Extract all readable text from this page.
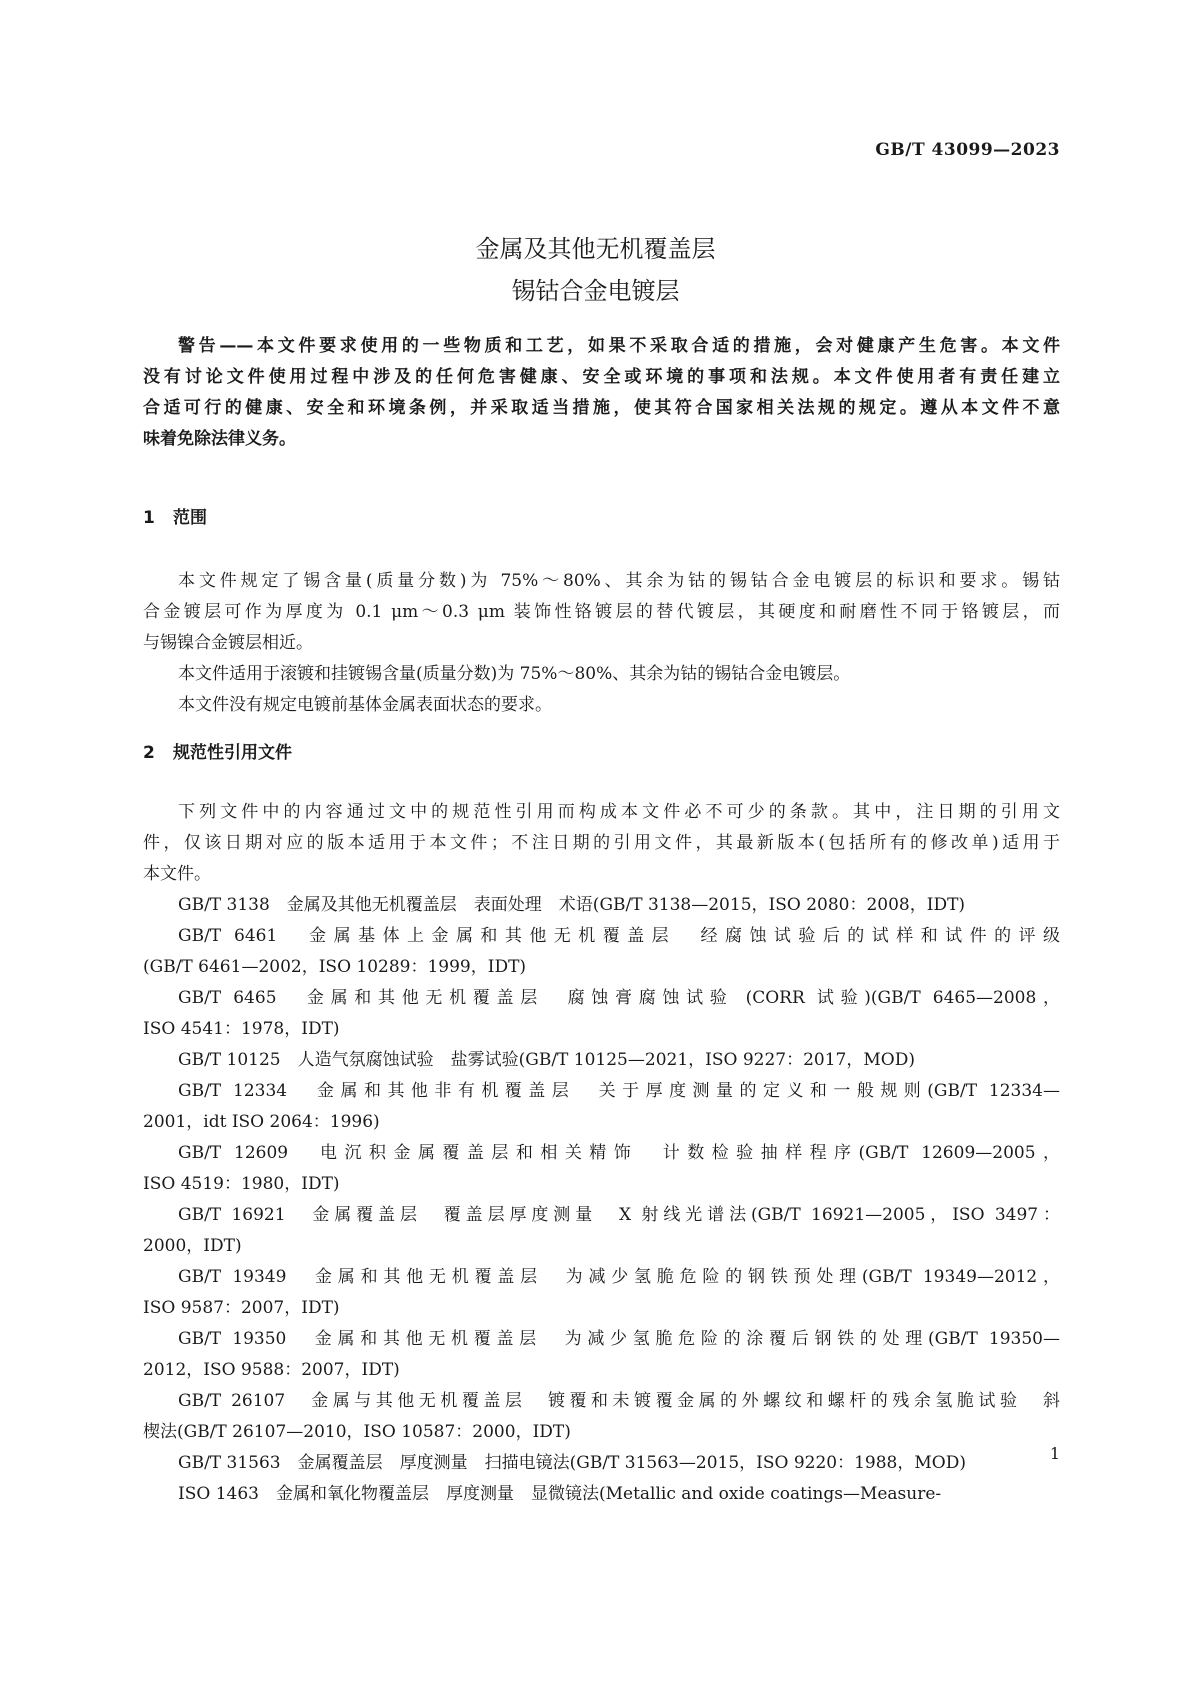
GB/T 43099—2023
金属及其他无机覆盖层
锡钴合金电镀层
警告——本文件要求使用的一些物质和工艺，如果不采取合适的措施，会对健康产生危害。本文件
没有讨论文件使用过程中涉及的任何危害健康、安全或环境的事项和法规。本文件使用者有责任建立
合适可行的健康、安全和环境条例，并采取适当措施，使其符合国家相关法规的规定。遵从本文件不意
味着免除法律义务。
1 范围
本文件规定了锡含量(质量分数)为 75%～80%、其余为钴的锡钴合金电镀层的标识和要求。锡钴
合金镀层可作为厚度为 0.1 μm～0.3 μm 装饰性铬镀层的替代镀层，其硬度和耐磨性不同于铬镀层，而
与锡镍合金镀层相近。
本文件适用于滚镀和挂镀锡含量(质量分数)为 75%～80%、其余为钴的锡钴合金电镀层。
本文件没有规定电镀前基体金属表面状态的要求。
2 规范性引用文件
下列文件中的内容通过文中的规范性引用而构成本文件必不可少的条款。其中，注日期的引用文
件，仅该日期对应的版本适用于本文件；不注日期的引用文件，其最新版本(包括所有的修改单)适用于
本文件。
GB/T 3138　金属及其他无机覆盖层　表面处理　术语(GB/T 3138—2015，ISO 2080：2008，IDT)
GB/T 6461　金属基体上金属和其他无机覆盖层　经腐蚀试验后的试样和试件的评级
(GB/T 6461—2002，ISO 10289：1999，IDT)
GB/T 6465　金属和其他无机覆盖层　腐蚀膏腐蚀试验 (CORR 试验)(GB/T 6465—2008，
ISO 4541：1978，IDT)
GB/T 10125　人造气氛腐蚀试验　盐雾试验(GB/T 10125—2021，ISO 9227：2017，MOD)
GB/T 12334　金属和其他非有机覆盖层　关于厚度测量的定义和一般规则(GB/T 12334—
2001，idt ISO 2064：1996)
GB/T 12609　电沉积金属覆盖层和相关精饰　计数检验抽样程序(GB/T 12609—2005，
ISO 4519：1980，IDT)
GB/T 16921　金属覆盖层　覆盖层厚度测量　X 射线光谱法(GB/T 16921—2005，ISO 3497：
2000，IDT)
GB/T 19349　金属和其他无机覆盖层　为减少氢脆危险的钢铁预处理(GB/T 19349—2012，
ISO 9587：2007，IDT)
GB/T 19350　金属和其他无机覆盖层　为减少氢脆危险的涂覆后钢铁的处理(GB/T 19350—
2012，ISO 9588：2007，IDT)
GB/T 26107　金属与其他无机覆盖层　镀覆和未镀覆金属的外螺纹和螺杆的残余氢脆试验　斜
楔法(GB/T 26107—2010，ISO 10587：2000，IDT)
GB/T 31563　金属覆盖层　厚度测量　扫描电镜法(GB/T 31563—2015，ISO 9220：1988，MOD)
ISO 1463　金属和氧化物覆盖层　厚度测量　显微镜法(Metallic and oxide coatings—Measure-
1
